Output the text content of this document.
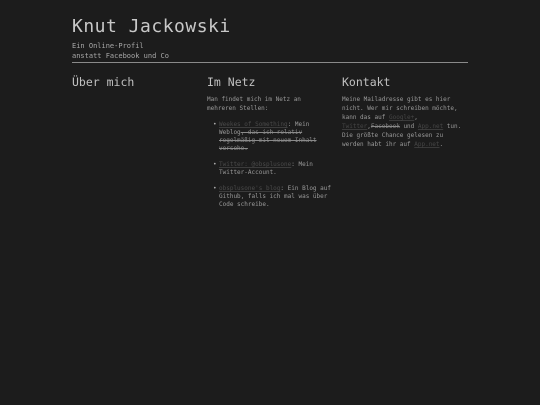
Knut Jackowski
Ein Online-Profil
anstatt Facebook und Co
Über mich	Im Netz

Man findet mich im Netz an mehreren Stellen:

• Weekes of Something: Mein Weblog, das ich relativ regelmäßig mit neuem Inhalt versehe.
• Twitter: @obsplusone: Mein Twitter-Account.
• obsplusone's blog: Ein Blog auf Github, falls ich mal was über Code schreibe.
Kontakt

Meine Mailadresse gibt es hier nicht. Wer mir schreiben möchte, kann das auf Google+, Twitter,Facebook und App.net tun. Die größte Chance gelesen zu werden habt ihr auf App.net.
